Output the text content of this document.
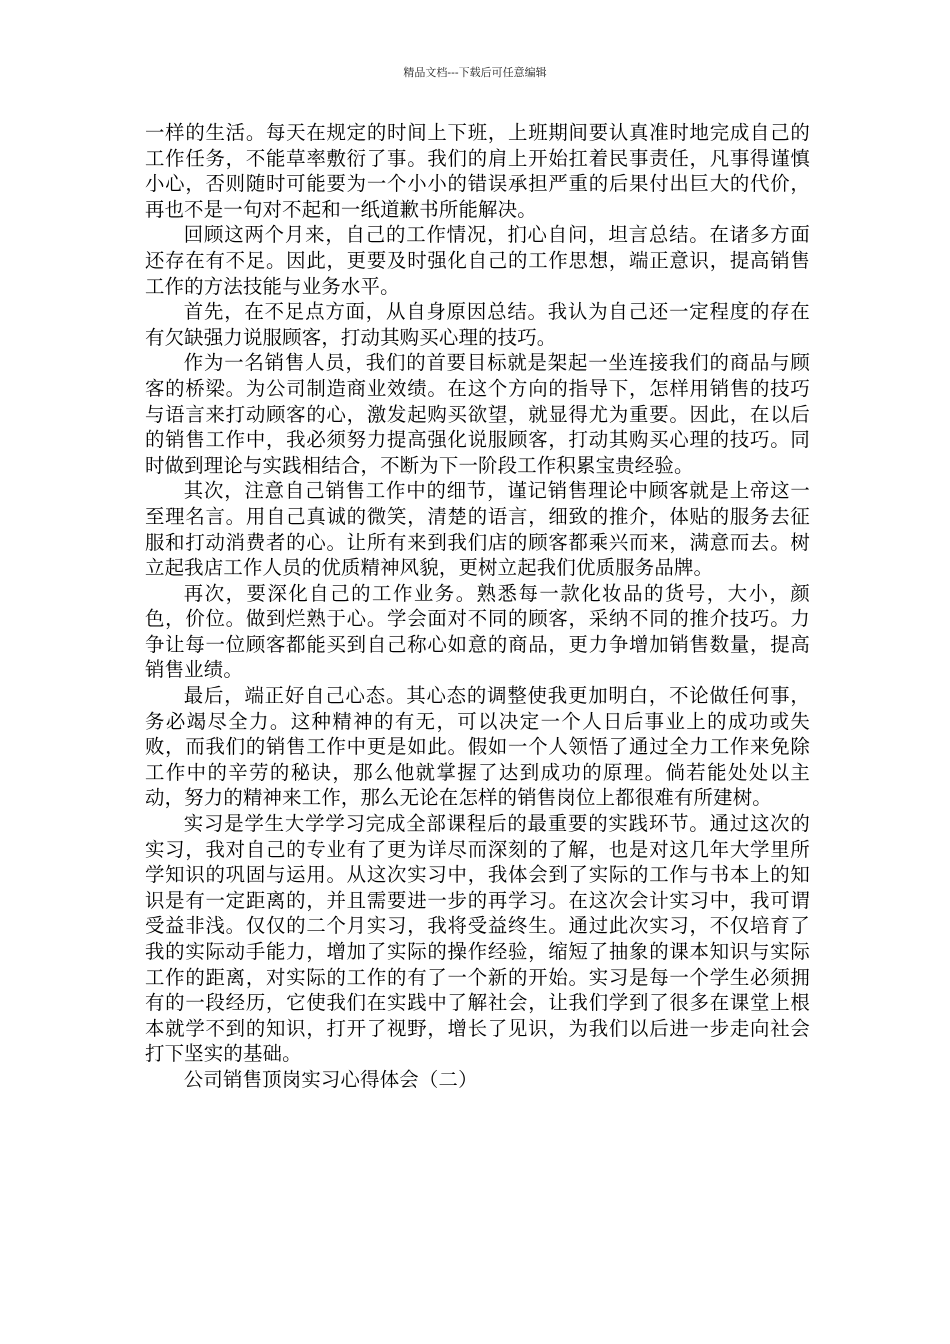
精品文档---下载后可任意编辑

一样的生活。每天在规定的时间上下班，上班期间要认真准时地完成自己的工作任务，不能草率敷衍了事。我们的肩上开始扛着民事责任，凡事得谨慎小心，否则随时可能要为一个小小的错误承担严重的后果付出巨大的代价，再也不是一句对不起和一纸道歉书所能解决。

回顾这两个月来，自己的工作情况，扪心自问，坦言总结。在诸多方面还存在有不足。因此，更要及时强化自己的工作思想，端正意识，提高销售工作的方法技能与业务水平。

首先，在不足点方面，从自身原因总结。我认为自己还一定程度的存在有欠缺强力说服顾客，打动其购买心理的技巧。

作为一名销售人员，我们的首要目标就是架起一坐连接我们的商品与顾客的桥梁。为公司制造商业效绩。在这个方向的指导下，怎样用销售的技巧与语言来打动顾客的心，激发起购买欲望，就显得尤为重要。因此，在以后的销售工作中，我必须努力提高强化说服顾客，打动其购买心理的技巧。同时做到理论与实践相结合，不断为下一阶段工作积累宝贵经验。

其次，注意自己销售工作中的细节，谨记销售理论中顾客就是上帝这一至理名言。用自己真诚的微笑，清楚的语言，细致的推介，体贴的服务去征服和打动消费者的心。让所有来到我们店的顾客都乘兴而来，满意而去。树立起我店工作人员的优质精神风貌，更树立起我们优质服务品牌。

再次，要深化自己的工作业务。熟悉每一款化妆品的货号，大小，颜色，价位。做到烂熟于心。学会面对不同的顾客，采纳不同的推介技巧。力争让每一位顾客都能买到自己称心如意的商品，更力争增加销售数量，提高销售业绩。

最后，端正好自己心态。其心态的调整使我更加明白，不论做任何事，务必竭尽全力。这种精神的有无，可以决定一个人日后事业上的成功或失败，而我们的销售工作中更是如此。假如一个人领悟了通过全力工作来免除工作中的辛劳的秘诀，那么他就掌握了达到成功的原理。倘若能处处以主动，努力的精神来工作，那么无论在怎样的销售岗位上都很难有所建树。

实习是学生大学学习完成全部课程后的最重要的实践环节。通过这次的实习，我对自己的专业有了更为详尽而深刻的了解，也是对这几年大学里所学知识的巩固与运用。从这次实习中，我体会到了实际的工作与书本上的知识是有一定距离的，并且需要进一步的再学习。在这次会计实习中，我可谓受益非浅。仅仅的二个月实习，我将受益终生。通过此次实习，不仅培育了我的实际动手能力，增加了实际的操作经验，缩短了抽象的课本知识与实际工作的距离，对实际的工作的有了一个新的开始。实习是每一个学生必须拥有的一段经历，它使我们在实践中了解社会，让我们学到了很多在课堂上根本就学不到的知识，打开了视野，增长了见识，为我们以后进一步走向社会打下坚实的基础。

公司销售顶岗实习心得体会（二）
